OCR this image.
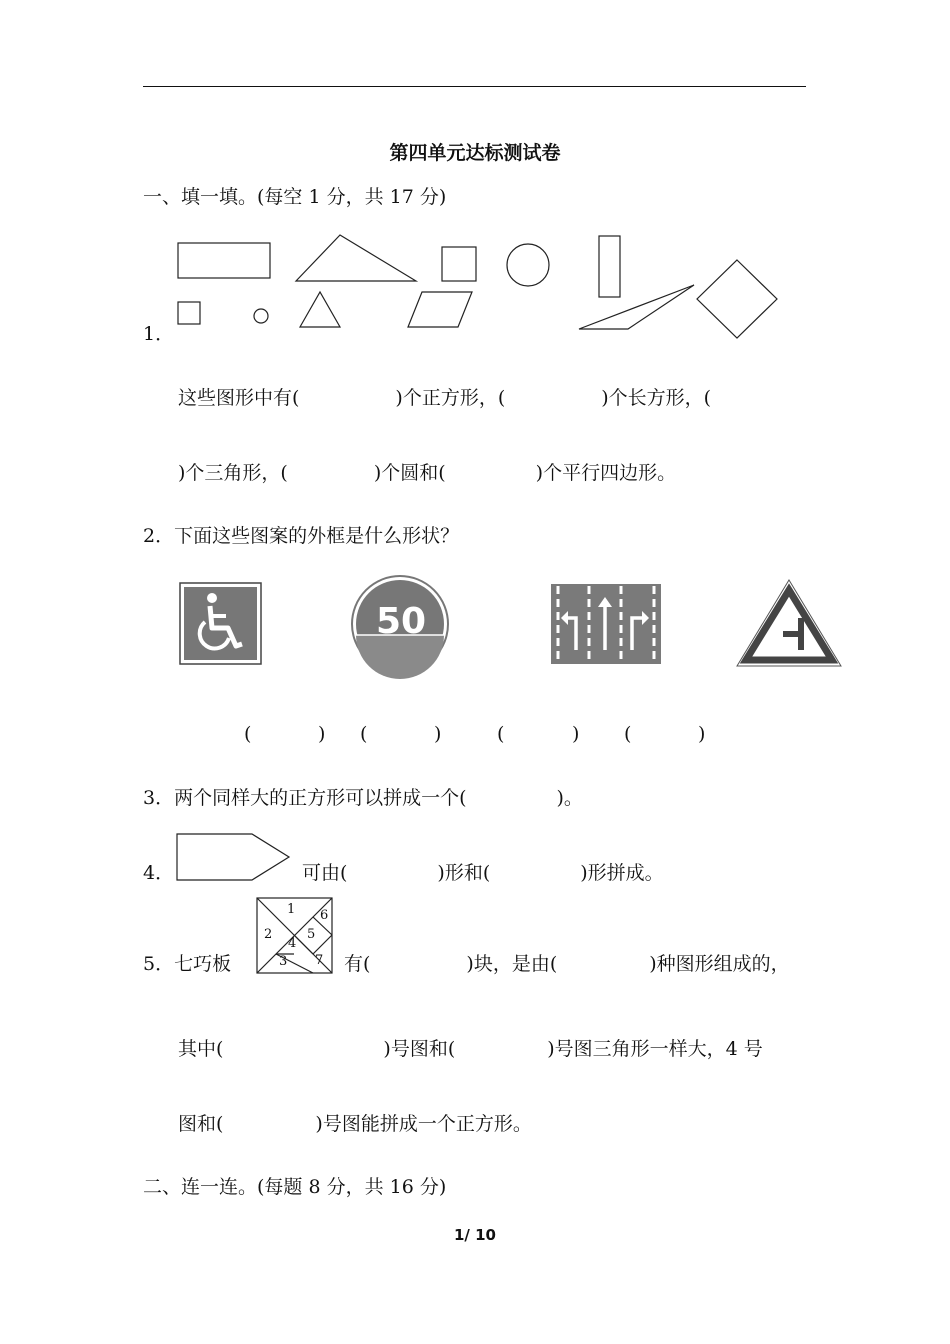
第四单元达标测试卷
一、填一填。(每空 1 分，共 17 分)
1．
这些图形中有(	)个正方形，(	)个长方形，(
)个三角形，(	)个圆和(	)个平行四边形。
2．下面这些图案的外框是什么形状？
50
(	) (	)	(	) (	)
3．两个同样大的正方形可以拼成一个(	)。
4．	可由(	)形和(	)形拼成。
1
2
3
4
5
6
7
5．七巧板	有(	)块，是由(	)种图形组成的，
其中(	)号图和(	)号图三角形一样大，4 号
图和(	)号图能拼成一个正方形。
二、连一连。(每题 8 分，共 16 分)
1/ 10
